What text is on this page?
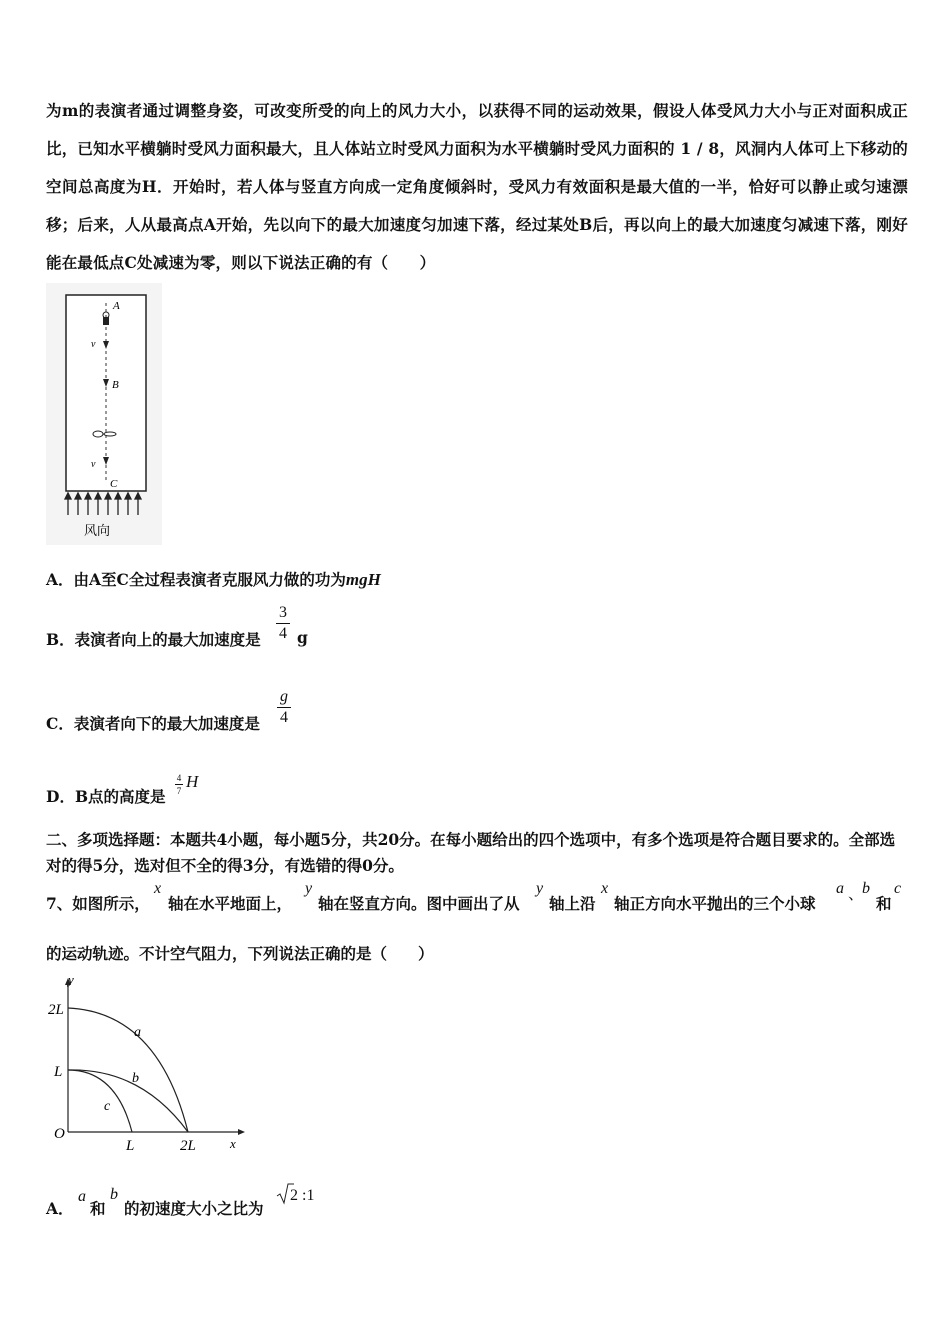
为m的表演者通过调整身姿，可改变所受的向上的风力大小，以获得不同的运动效果，假设人体受风力大小与正对面积成正比，已知水平横躺时受风力面积最大，且人体站立时受风力面积为水平横躺时受风力面积的 1 / 8，风洞内人体可上下移动的空间总高度为H．开始时，若人体与竖直方向成一定角度倾斜时，受风力有效面积是最大值的一半，恰好可以静止或匀速漂移；后来，人从最高点A开始，先以向下的最大加速度匀加速下落，经过某处B后，再以向上的最大加速度匀减速下落，刚好能在最低点C处减速为零，则以下说法正确的有（　　）
A
B
C
v
v
风向
A．由A至C全过程表演者克服风力做的功为mgH
B．表演者向上的最大加速度是
3
4 g
C．表演者向下的最大加速度是
g
4
D．B点的高度是
4
7 H
二、多项选择题：本题共4小题，每小题5分，共20分。在每小题给出的四个选项中，有多个选项是符合题目要求的。全部选对的得5分，选对但不全的得3分，有选错的得0分。
7、如图所示，
x
轴在水平地面上，
y
轴在竖直方向。图中画出了从
y
轴上沿
x
轴正方向水平抛出的三个小球
a 、
b
和
c
的运动轨迹。不计空气阻力，下列说法正确的是（　　）
y
x
2L
L
O
L	2L
a
b
c
A．
a
和
b
的初速度大小之比为
2 :1
